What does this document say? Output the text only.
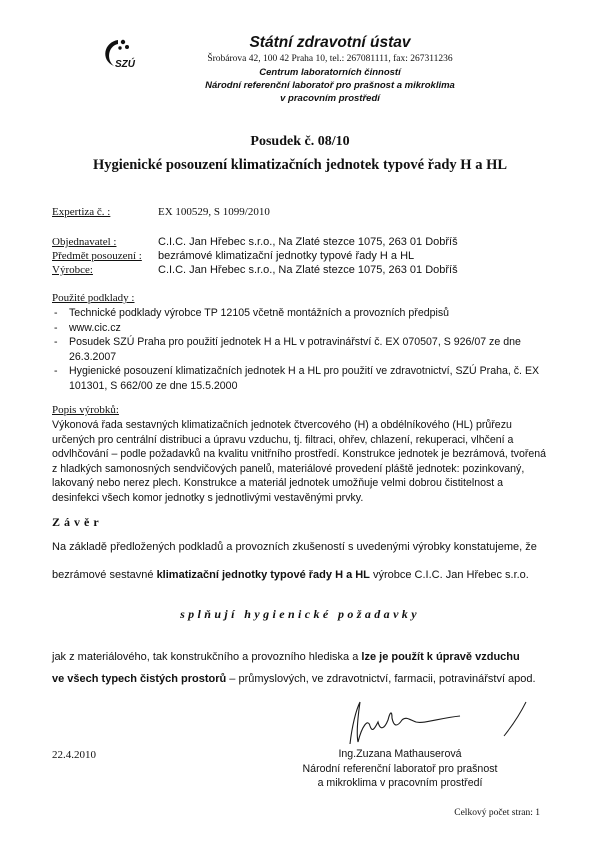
SZÚ
Státní zdravotní ústav
Šrobárova 42, 100 42 Praha 10, tel.: 267081111, fax: 267311236
Centrum laboratorních činností
Národní referenční laboratoř pro prašnost a mikroklima
v pracovním prostředí
Posudek č. 08/10
Hygienické posouzení klimatizačních jednotek typové řady H a HL
Expertiza č. :	EX 100529, S 1099/2010
Objednavatel :	C.I.C. Jan Hřebec s.r.o., Na Zlaté stezce 1075, 263 01 Dobříš
Předmět posouzení : bezrámové klimatizační jednotky typové řady H a HL
Výrobce:	C.I.C. Jan Hřebec s.r.o., Na Zlaté stezce 1075, 263 01 Dobříš
Použité podklady :
- Technické podklady výrobce TP 12105 včetně montážních a provozních předpisů
- www.cic.cz
- Posudek SZÚ Praha pro použití jednotek H a HL v potravinářství č. EX 070507, S 926/07 ze dne 26.3.2007
- Hygienické posouzení klimatizačních jednotek H a HL pro použití ve zdravotnictví, SZÚ Praha, č. EX 101301, S 662/00 ze dne 15.5.2000
Popis výrobků:
Výkonová řada sestavných klimatizačních jednotek čtvercového (H) a obdélníkového (HL) průřezu určených pro centrální distribuci a úpravu vzduchu, tj. filtraci, ohřev, chlazení, rekuperaci, vlhčení a odvlhčování – podle požadavků na kvalitu vnitřního prostředí. Konstrukce jednotek je bezrámová, tvořená z hladkých samonosných sendvičových panelů, materiálové provedení pláště jednotek: pozinkovaný, lakovaný nebo nerez plech. Konstrukce a materiál jednotek umožňuje velmi dobrou čistitelnost a desinfekci všech komor jednotky s jednotlivými vestavěnými prvky.
Závěr
Na základě předložených podkladů a provozních zkušeností s uvedenými výrobky konstatujeme, že
bezrámové sestavné klimatizační jednotky typové řady H a HL výrobce C.I.C. Jan Hřebec s.r.o.
splňují hygienické požadavky
jak z materiálového, tak konstrukčního a provozního hlediska a lze je použít k úpravě vzduchu
ve všech typech čistých prostorů – průmyslových, ve zdravotnictví, farmacii, potravinářství apod.
22.4.2010	Ing.Zuzana Mathauserová
Národní referenční laboratoř pro prašnost
a mikroklima v pracovním prostředí
Celkový počet stran: 1
